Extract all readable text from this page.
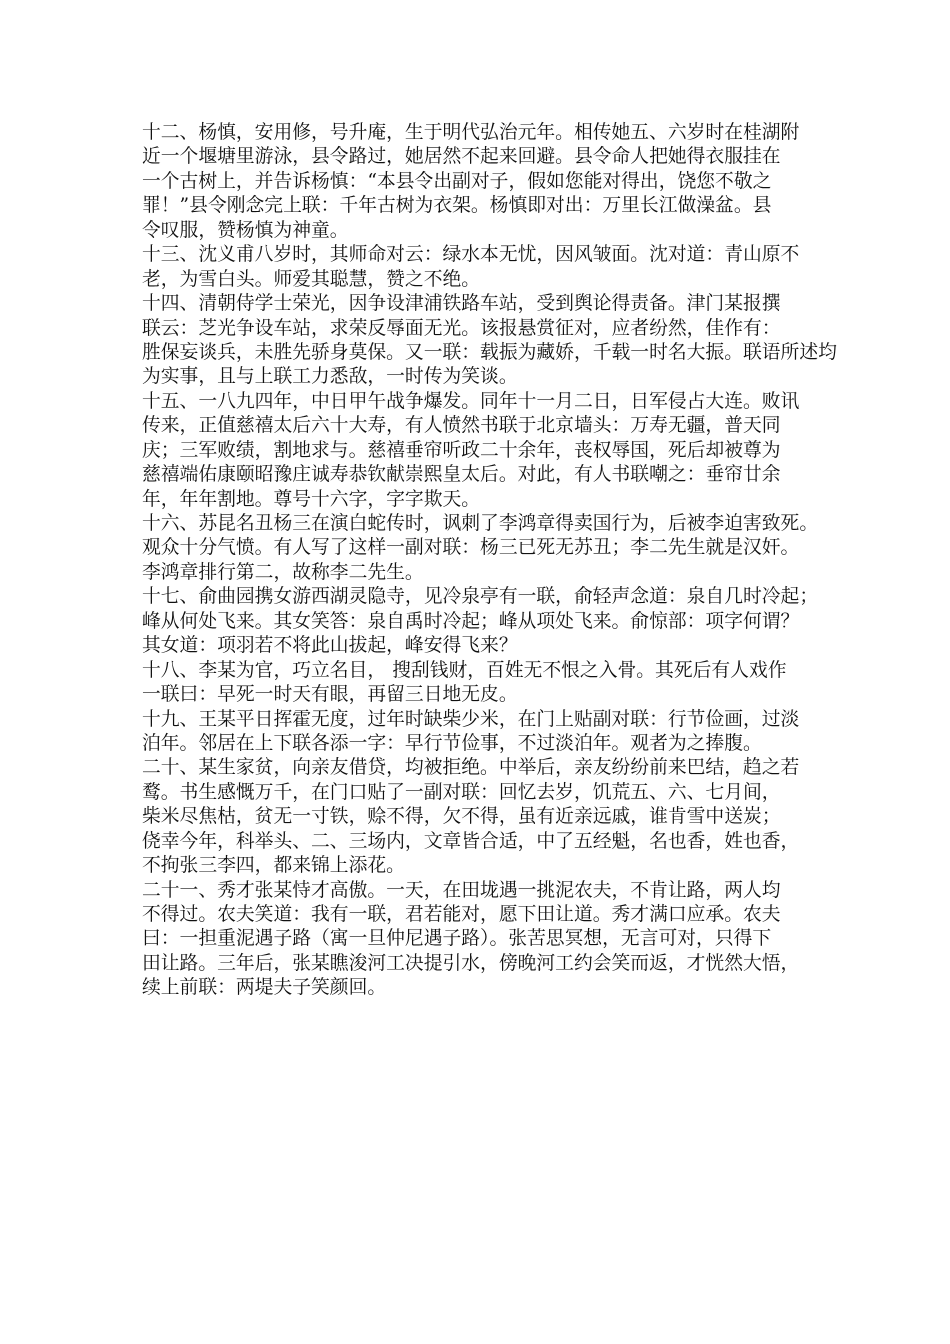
十二、杨慎，安用修，号升庵，生于明代弘治元年。相传她五、六岁时在桂湖附
近一个堰塘里游泳，县令路过，她居然不起来回避。县令命人把她得衣服挂在
一个古树上，并告诉杨慎：“本县令出副对子，假如您能对得出，饶您不敬之
罪！”县令刚念完上联：千年古树为衣架。杨慎即对出：万里长江做澡盆。县
令叹服，赞杨慎为神童。
十三、沈义甫八岁时，其师命对云：绿水本无忧，因风皱面。沈对道：青山原不
老，为雪白头。师爱其聪慧，赞之不绝。
十四、清朝侍学士荣光，因争设津浦铁路车站，受到舆论得责备。津门某报撰
联云：芝光争设车站，求荣反辱面无光。该报悬赏征对，应者纷然，佳作有：
胜保妄谈兵，未胜先骄身莫保。又一联：载振为藏娇，千载一时名大振。联语所述均
为实事，且与上联工力悉敌，一时传为笑谈。
十五、一八九四年，中日甲午战争爆发。同年十一月二日，日军侵占大连。败讯
传来，正值慈禧太后六十大寿，有人愤然书联于北京墙头：万寿无疆，普天同
庆；三军败绩，割地求与。慈禧垂帘听政二十余年，丧权辱国，死后却被尊为
慈禧端佑康颐昭豫庄诚寿恭钦献崇熙皇太后。对此，有人书联嘲之：垂帘廿余
年，年年割地。尊号十六字，字字欺天。
十六、苏昆名丑杨三在演白蛇传时，讽刺了李鸿章得卖国行为，后被李迫害致死。
观众十分气愤。有人写了这样一副对联：杨三已死无苏丑；李二先生就是汉奸。
李鸿章排行第二，故称李二先生。
十七、俞曲园携女游西湖灵隐寺，见冷泉亭有一联，俞轻声念道：泉自几时冷起；
峰从何处飞来。其女笑答：泉自禹时冷起；峰从项处飞来。俞惊部：项字何谓？
其女道：项羽若不将此山拔起，峰安得飞来？
十八、李某为官，巧立名目， 搜刮钱财，百姓无不恨之入骨。其死后有人戏作
一联曰：早死一时天有眼，再留三日地无皮。
十九、王某平日挥霍无度，过年时缺柴少米，在门上贴副对联：行节俭画，过淡
泊年。邻居在上下联各添一字：早行节俭事，不过淡泊年。观者为之捧腹。
二十、某生家贫，向亲友借贷，均被拒绝。中举后，亲友纷纷前来巴结，趋之若
鹜。书生感慨万千，在门口贴了一副对联：回忆去岁，饥荒五、六、七月间，
柴米尽焦枯，贫无一寸铁，赊不得，欠不得，虽有近亲远戚，谁肯雪中送炭；
侥幸今年，科举头、二、三场内，文章皆合适，中了五经魁，名也香，姓也香，
不拘张三李四，都来锦上添花。
二十一、秀才张某恃才高傲。一天，在田垅遇一挑泥农夫，不肯让路，两人均
不得过。农夫笑道：我有一联，君若能对，愿下田让道。秀才满口应承。农夫
曰：一担重泥遇子路（寓一旦仲尼遇子路）。张苦思冥想，无言可对，只得下
田让路。三年后，张某瞧浚河工决提引水，傍晚河工约会笑而返，才恍然大悟，
续上前联：两堤夫子笑颜回。
